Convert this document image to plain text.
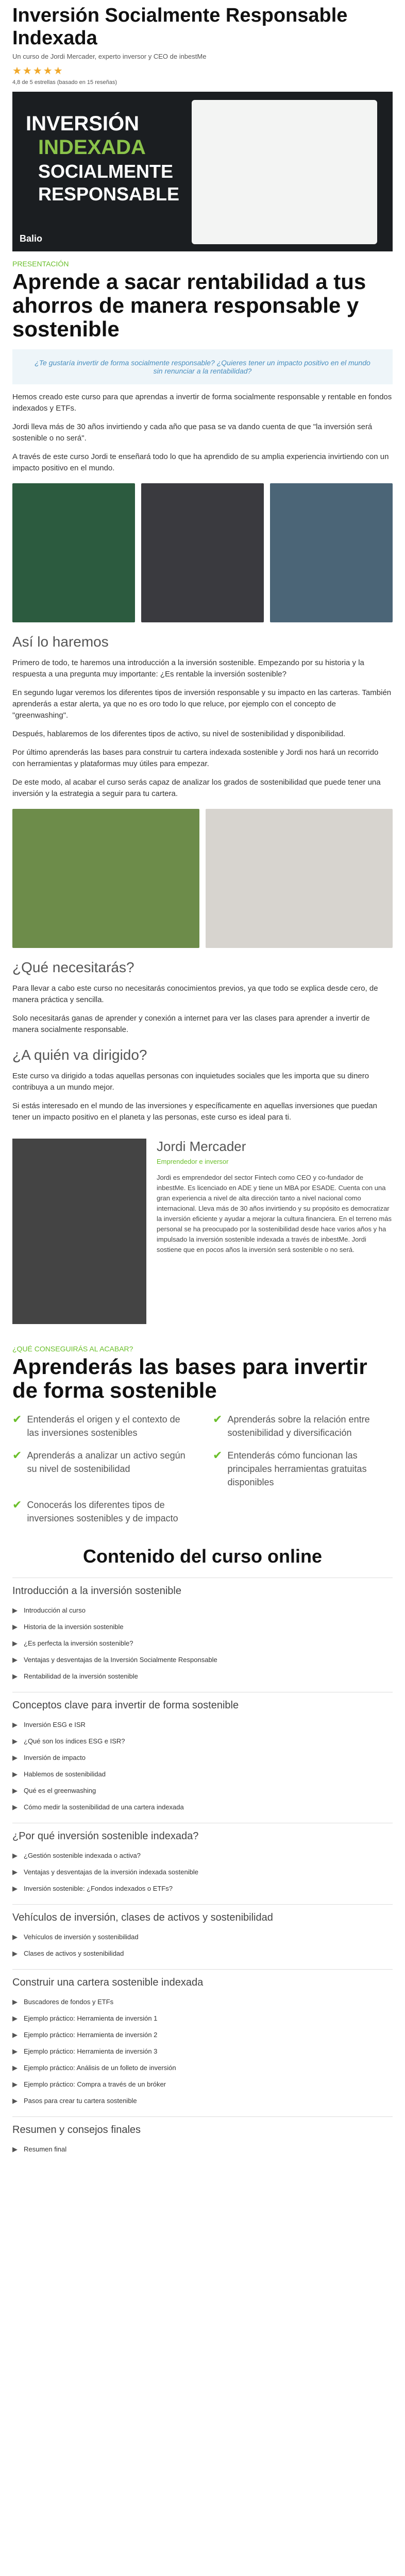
Inversión Socialmente Responsable Indexada
Un curso de Jordi Mercader, experto inversor y CEO de inbestMe
★★★★★
4,8 de 5 estrellas (basado en 15 reseñas)
INVERSIÓN
INDEXADA
SOCIALMENTE
RESPONSABLE
Balio
PRESENTACIÓN
Aprende a sacar rentabilidad a tus ahorros de manera responsable y sostenible
¿Te gustaría invertir de forma socialmente responsable? ¿Quieres tener un impacto positivo en el mundo sin renunciar a la rentabilidad?

Hemos creado este curso para que aprendas a invertir de forma socialmente responsable y rentable en fondos indexados y ETFs.

Jordi lleva más de 30 años invirtiendo y cada año que pasa se va dando cuenta de que "la inversión será sostenible o no será".

A través de este curso Jordi te enseñará todo lo que ha aprendido de su amplia experiencia invirtiendo con un impacto positivo en el mundo.

Así lo haremos

Primero de todo, te haremos una introducción a la inversión sostenible. Empezando por su historia y la respuesta a una pregunta muy importante: ¿Es rentable la inversión sostenible?

En segundo lugar veremos los diferentes tipos de inversión responsable y su impacto en las carteras. También aprenderás a estar alerta, ya que no es oro todo lo que reluce, por ejemplo con el concepto de "greenwashing".

Después, hablaremos de los diferentes tipos de activo, su nivel de sostenibilidad y disponibilidad.

Por último aprenderás las bases para construir tu cartera indexada sostenible y Jordi nos hará un recorrido con herramientas y plataformas muy útiles para empezar.

De este modo, al acabar el curso serás capaz de analizar los grados de sostenibilidad que puede tener una inversión y la estrategia a seguir para tu cartera.

¿Qué necesitarás?

Para llevar a cabo este curso no necesitarás conocimientos previos, ya que todo se explica desde cero, de manera práctica y sencilla.

Solo necesitarás ganas de aprender y conexión a internet para ver las clases para aprender a invertir de manera socialmente responsable.

¿A quién va dirigido?

Este curso va dirigido a todas aquellas personas con inquietudes sociales que les importa que su dinero contribuya a un mundo mejor.

Si estás interesado en el mundo de las inversiones y específicamente en aquellas inversiones que puedan tener un impacto positivo en el planeta y las personas, este curso es ideal para ti.

Jordi Mercader
Emprendedor e inversor
Jordi es emprendedor del sector Fintech como CEO y co-fundador de inbestMe. Es licenciado en ADE y tiene un MBA por ESADE. Cuenta con una gran experiencia a nivel de alta dirección tanto a nivel nacional como internacional. Lleva más de 30 años invirtiendo y su propósito es democratizar la inversión eficiente y ayudar a mejorar la cultura financiera. En el terreno más personal se ha preocupado por la sostenibilidad desde hace varios años y ha impulsado la inversión sostenible indexada a través de inbestMe. Jordi sostiene que en pocos años la inversión será sostenible o no será.
¿QUÉ CONSEGUIRÁS AL ACABAR?
Aprenderás las bases para invertir de forma sostenible
✔ Entenderás el origen y el contexto de las inversiones sostenibles
✔ Aprenderás sobre la relación entre sostenibilidad y diversificación
✔ Aprenderás a analizar un activo según su nivel de sostenibilidad
✔ Entenderás cómo funcionan las principales herramientas gratuitas disponibles
✔ Conocerás los diferentes tipos de inversiones sostenibles y de impacto
Contenido del curso online
Introducción a la inversión sostenible
▶ Introducción al curso
▶ Historia de la inversión sostenible
▶ ¿Es perfecta la inversión sostenible?
▶ Ventajas y desventajas de la Inversión Socialmente Responsable
▶ Rentabilidad de la inversión sostenible
Conceptos clave para invertir de forma sostenible
▶ Inversión ESG e ISR
▶ ¿Qué son los índices ESG e ISR?
▶ Inversión de impacto
▶ Hablemos de sostenibilidad
▶ Qué es el greenwashing
▶ Cómo medir la sostenibilidad de una cartera indexada
¿Por qué inversión sostenible indexada?
▶ ¿Gestión sostenible indexada o activa?
▶ Ventajas y desventajas de la inversión indexada sostenible
▶ Inversión sostenible: ¿Fondos indexados o ETFs?
Vehículos de inversión, clases de activos y sostenibilidad
▶ Vehículos de inversión y sostenibilidad
▶ Clases de activos y sostenibilidad
Construir una cartera sostenible indexada
▶ Buscadores de fondos y ETFs
▶ Ejemplo práctico: Herramienta de inversión 1
▶ Ejemplo práctico: Herramienta de inversión 2
▶ Ejemplo práctico: Herramienta de inversión 3
▶ Ejemplo práctico: Análisis de un folleto de inversión
▶ Ejemplo práctico: Compra a través de un bróker
▶ Pasos para crear tu cartera sostenible
Resumen y consejos finales
▶ Resumen final
